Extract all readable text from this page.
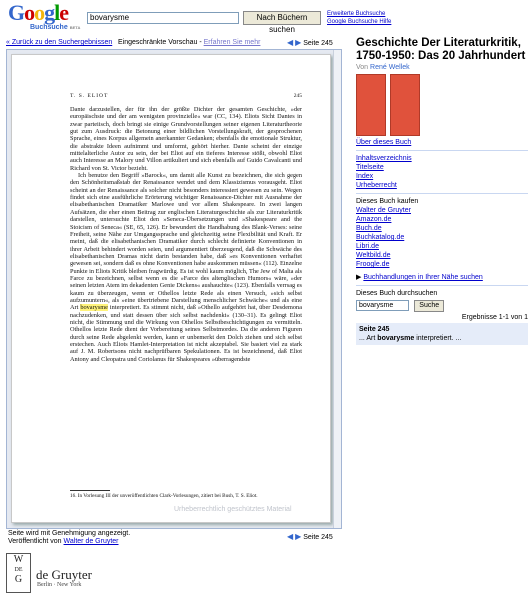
Google
Buchsuche BETA
bovarysme	Nach Büchern suchen
Erweiterte Buchsuche
Google Buchsuche Hilfe
« Zurück zu den Suchergebnissen Eingeschränkte Vorschau - Erfahren Sie mehr	◀ ▶ Seite 245
T. S. ELIOT	245

Dante darzustellen, der für ihn der größte Dichter der gesamten Geschichte, »der europäischste und der am wenigsten provinzielle« war (CC, 134). Eliots Sicht Dantes in zwar parteiisch, doch bringt sie einige Grundvorstellungen seiner eigenen Literaturtheorie gut zum Ausdruck: die Betonung einer bildlichen Vorstellungskraft, der gesprochenen Sprache, eines Korpus allgemein anerkannter Gedanken; ebenfalls die emotionale Struktur, die abstrakte Ideen aufnimmt und umformt, gehört hierher. Dante scheint der einzige mittelalterliche Autor zu sein, der bei Eliot auf ein tieferes Interesse stößt, obwohl Eliot auch Interesse an Malory und Villon artikuliert und sich ebenfalls auf Guido Cavalcanti und Richard von St. Victor bezieht.

Ich benutze den Begriff »Barock«, um damit alle Kunst zu bezeichnen, die sich gegen den Schönheitsmaßstab der Renaissance wendet und dem Klassizismus vorausgeht. Eliot scheint an der Renaissance als solcher nicht besonders interessiert gewesen zu sein. Wegen findet sich eine ausführliche Erörterung wichtiger Renaissance-Dichter mit Ausnahme der elisabethanischen Dramatiker Marlowe und vor allem Shakespeare. In zwei langen Aufsätzen, die eher einen Beitrag zur englischen Literaturgeschichte als zur Literaturkritik darstellen, untersuchte Eliot den »Seneca-Übersetzungen und »Shakespeare and the Stoicism of Seneca« (SE, 65, 126). Er bewundert die Handhabung des Blank-Verses: seine Freiheit, seine Nähe zur Umgangssprache und gleichzeitig seine Flexibilität und Kraft. Er meint, daß die elisabethanischen Dramatiker durch schlecht definierte Konventionen in ihrer Arbeit behindert worden seien, und argumentiert überzeugend, daß die Schwäche des elisabethanischen Dramas nicht darin bestanden habe, daß »es Konventionen verhaftet gewesen sei, sondern daß es ohne Konventionen habe auskommen müssen« (112). Einzelne Punkte in Eliots Kritik bleiben fragwürdig. Es ist wohl kaum möglich, The Jew of Malta als Farce zu bezeichnen, selbst wenn es die »Farce des altenglischen Humors« wäre, »der seinen letzten Atem im dekadenten Genie Dickens« aushauchte« (123). Ebenfalls verrsag es kaum zu überzeugen, wenn er Othellos letzte Rede als einen Versuch, »sich selbst aufzumuntern«, als »eine übertriebene Darstellung menschlicher Schwäche« und als eine Art bovarysme interpretiert. Es stimmt nicht, daß »Othello aufgehört hat, über Desdemona nachzudenken, und statt dessen über sich selbst nachdenkt« (130–31). Es gelingt Eliot nicht, die Stimmung und die Wirkung von Othellos Selbstbeschichtigungen zu vermitteln. Othellos letzte Rede dient der Vorbereitung seines Selbstmordes. Da die anderen Figuren durch seine Rede abgelenkt werden, kann er unbemerkt den Dolch ziehen und sich selbst erstechen. Auch Eliots Hamlet-Interpretation ist nicht akzeptabel. Sie basiert viel zu stark auf J. M. Robertsons nicht nachprüfbaren Spekulationen. Es ist bezeichnend, daß Eliot Antony and Cleopatra und Coriolanus für Shakespeares »überragendste

16. In Vorlesung III der unveröffentlichten Clark-Vorlesungen, zitiert bei Bush, T. S. Eliot.
Urheberrechtlich geschütztes Material
Seite wird mit Genehmigung angezeigt.
Veröffentlicht von Walter de Gruyter
◀ ▶ Seite 245
W
DE
G	de Gruyter
Berlin · New York
Geschichte Der Literaturkritik, 1750-1950: Das 20 Jahrhundert
Von René Wellek
Über dieses Buch
Inhaltsverzeichnis
Titelseite
Index
Urheberrecht
Dieses Buch kaufen
Walter de Gruyter
Amazon.de
Buch.de
Buchkatalog.de
Libri.de
Weltbild.de
Froogle.de
▶ Buchhandlungen in Ihrer Nähe suchen
Dieses Buch durchsuchen
bovarysme	Suche
Ergebnisse 1-1 von 1
Seite 245
... Art bovarysme interpretiert. ...
